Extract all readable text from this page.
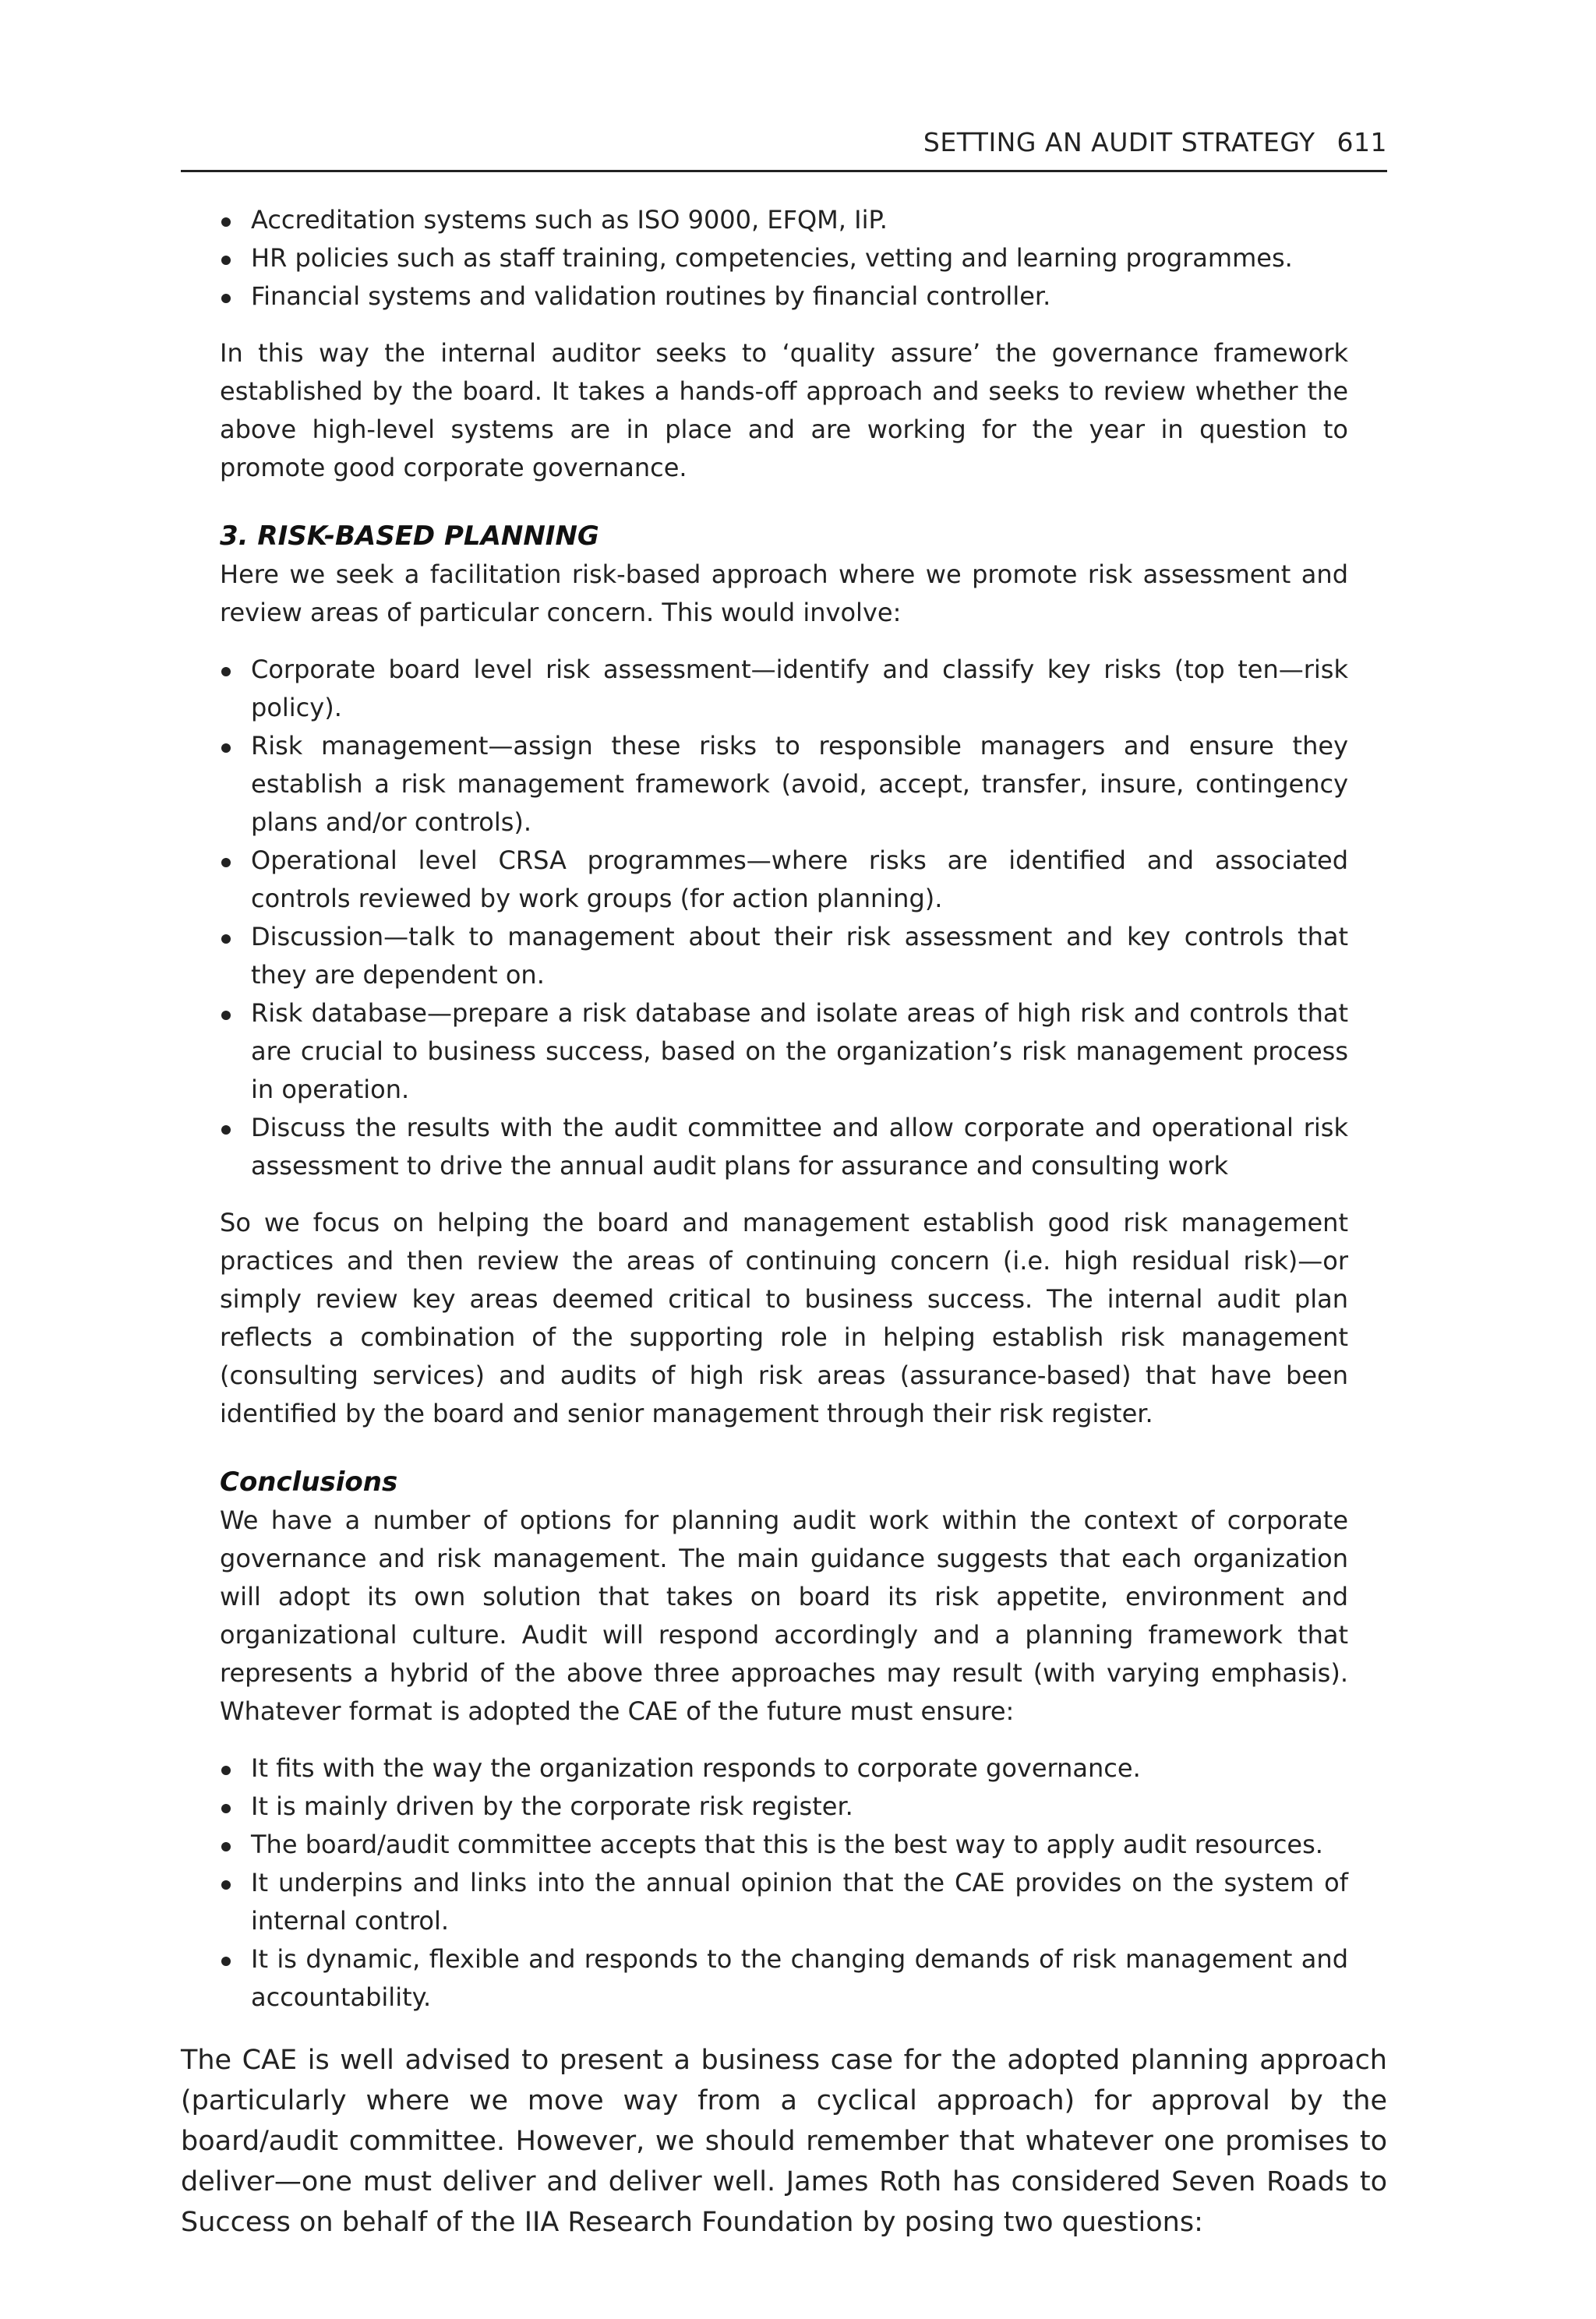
SETTING AN AUDIT STRATEGY 611
Accreditation systems such as ISO 9000, EFQM, IiP.
HR policies such as staff training, competencies, vetting and learning programmes.
Financial systems and validation routines by financial controller.

In this way the internal auditor seeks to ‘quality assure’ the governance framework established by the board. It takes a hands-off approach and seeks to review whether the above high-level systems are in place and are working for the year in question to promote good corporate governance.

3. RISK-BASED PLANNING

Here we seek a facilitation risk-based approach where we promote risk assessment and review areas of particular concern. This would involve:

Corporate board level risk assessment—identify and classify key risks (top ten—risk policy).
Risk management—assign these risks to responsible managers and ensure they establish a risk management framework (avoid, accept, transfer, insure, contingency plans and/or controls).
Operational level CRSA programmes—where risks are identified and associated controls reviewed by work groups (for action planning).
Discussion—talk to management about their risk assessment and key controls that they are dependent on.
Risk database—prepare a risk database and isolate areas of high risk and controls that are crucial to business success, based on the organization’s risk management process in operation.
Discuss the results with the audit committee and allow corporate and operational risk assessment to drive the annual audit plans for assurance and consulting work

So we focus on helping the board and management establish good risk management practices and then review the areas of continuing concern (i.e. high residual risk)—or simply review key areas deemed critical to business success. The internal audit plan reflects a combination of the supporting role in helping establish risk management (consulting services) and audits of high risk areas (assurance-based) that have been identified by the board and senior management through their risk register.

Conclusions

We have a number of options for planning audit work within the context of corporate governance and risk management. The main guidance suggests that each organization will adopt its own solution that takes on board its risk appetite, environment and organizational culture. Audit will respond accordingly and a planning framework that represents a hybrid of the above three approaches may result (with varying emphasis). Whatever format is adopted the CAE of the future must ensure:

It fits with the way the organization responds to corporate governance.
It is mainly driven by the corporate risk register.
The board/audit committee accepts that this is the best way to apply audit resources.
It underpins and links into the annual opinion that the CAE provides on the system of internal control.
It is dynamic, flexible and responds to the changing demands of risk management and accountability.

The CAE is well advised to present a business case for the adopted planning approach (particularly where we move way from a cyclical approach) for approval by the board/audit committee. However, we should remember that whatever one promises to deliver—one must deliver and deliver well. James Roth has considered Seven Roads to Success on behalf of the IIA Research Foundation by posing two questions:
